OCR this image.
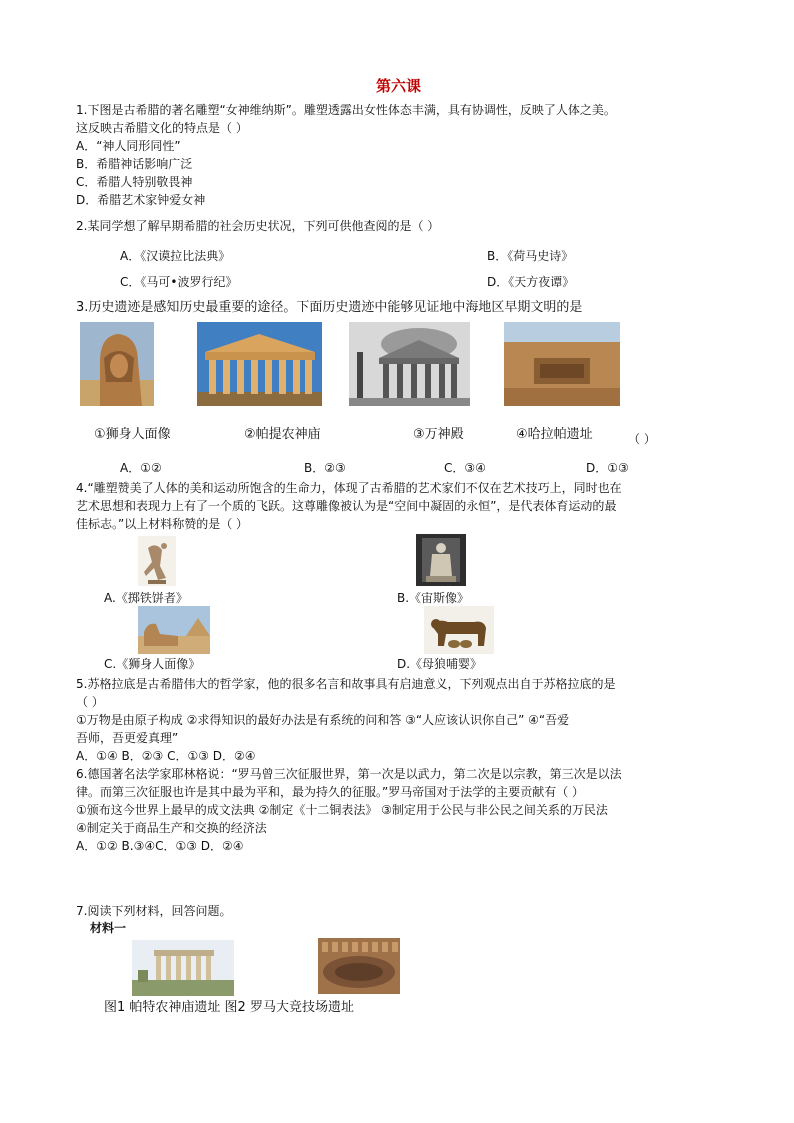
第六课
1.下图是古希腊的著名雕塑“女神维纳斯”。雕塑透露出女性体态丰满，具有协调性，反映了人体之美。
这反映古希腊文化的特点是（ ）
A．“神人同形同性”
B．希腊神话影响广泛
C．希腊人特别敬畏神
D．希腊艺术家钟爱女神
2.某同学想了解早期希腊的社会历史状况，下列可供他查阅的是（ ）
A．《汉谟拉比法典》	B．《荷马史诗》
C．《马可•波罗行纪》	D．《天方夜谭》
3.历史遗迹是感知历史最重要的途径。下面历史遗迹中能够见证地中海地区早期文明的是
①狮身人面像	②帕提农神庙	③万神殿	④哈拉帕遗址	（ ）
A．①②	B．②③	C．③④	D．①③
4.“雕塑赞美了人体的美和运动所饱含的生命力，体现了古希腊的艺术家们不仅在艺术技巧上，同时也在
艺术思想和表现力上有了一个质的飞跃。这尊雕像被认为是“空间中凝固的永恒”，是代表体育运动的最
佳标志。”以上材料称赞的是（ ）
A.《掷铁饼者》	B.《宙斯像》
C.《狮身人面像》	D.《母狼哺婴》
5.苏格拉底是古希腊伟大的哲学家，他的很多名言和故事具有启迪意义，下列观点出自于苏格拉底的是
（ ）
①万物是由原子构成 ②求得知识的最好办法是有系统的问和答 ③“人应该认识你自己” ④“吾爱
吾师，吾更爱真理”
A．①④ B．②③ C．①③ D．②④
6.德国著名法学家耶林格说：“罗马曾三次征服世界，第一次是以武力，第二次是以宗教，第三次是以法
律。而第三次征服也许是其中最为平和，最为持久的征服。”罗马帝国对于法学的主要贡献有（ ）
①颁布这今世界上最早的成文法典 ②制定《十二铜表法》 ③制定用于公民与非公民之间关系的万民法
④制定关于商品生产和交换的经济法
A．①② B.③④C．①③ D．②④
7.阅读下列材料，回答问题。
材料一
图1 帕特农神庙遗址 图2 罗马大竞技场遗址
